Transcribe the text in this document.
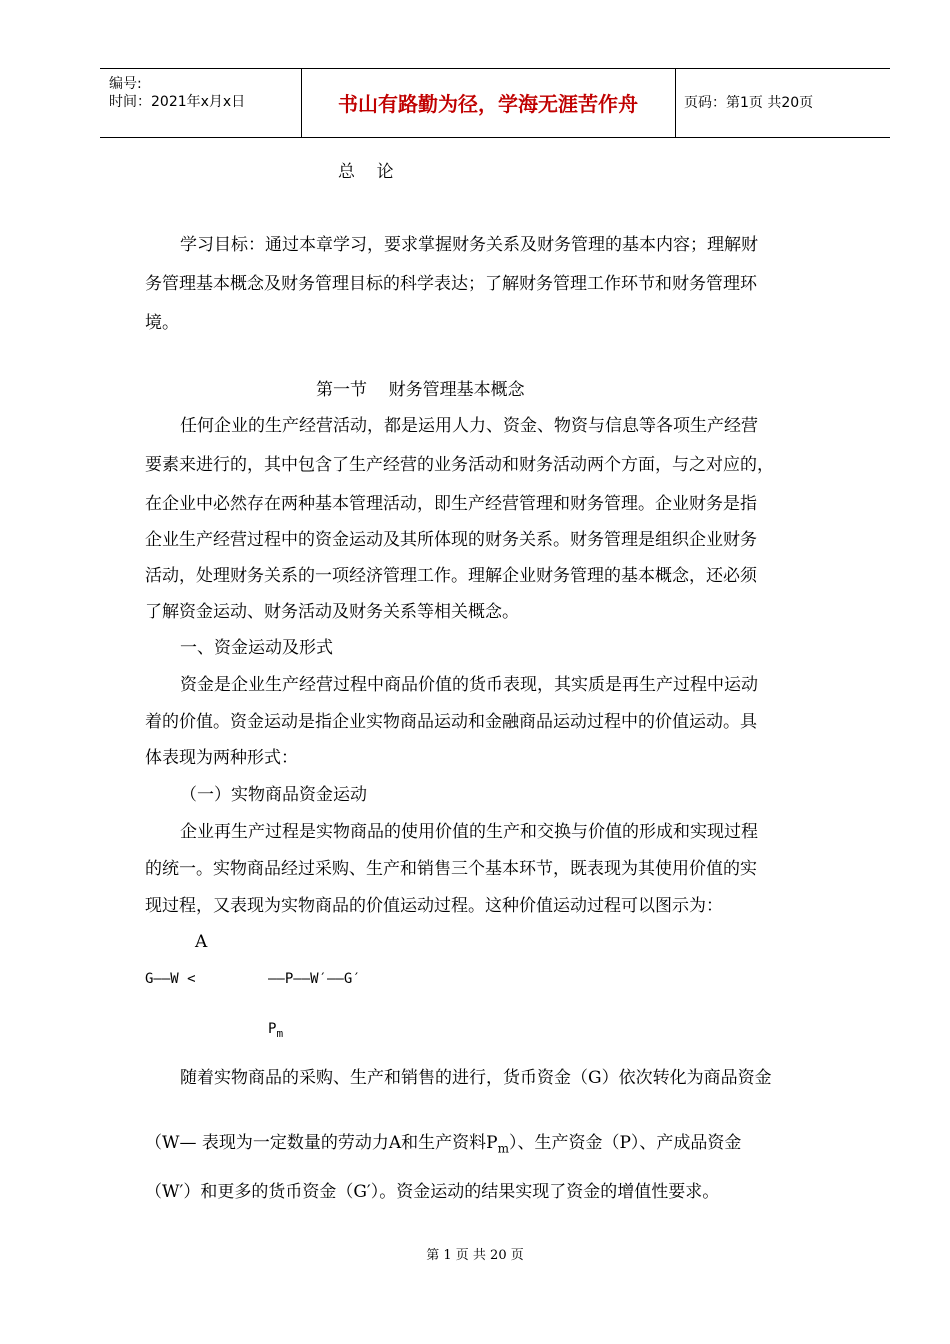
编号:
时间：2021年x月x日	书山有路勤为径，学海无涯苦作舟	页码：第1页 共20页
总    论
学习目标：通过本章学习，要求掌握财务关系及财务管理的基本内容；理解财
务管理基本概念及财务管理目标的科学表达；了解财务管理工作环节和财务管理环
境。
第一节    财务管理基本概念
任何企业的生产经营活动，都是运用人力、资金、物资与信息等各项生产经营
要素来进行的，其中包含了生产经营的业务活动和财务活动两个方面，与之对应的，
在企业中必然存在两种基本管理活动，即生产经营管理和财务管理。企业财务是指
企业生产经营过程中的资金运动及其所体现的财务关系。财务管理是组织企业财务
活动，处理财务关系的一项经济管理工作。理解企业财务管理的基本概念，还必须
了解资金运动、财务活动及财务关系等相关概念。
一、资金运动及形式
资金是企业生产经营过程中商品价值的货币表现，其实质是再生产过程中运动
着的价值。资金运动是指企业实物商品运动和金融商品运动过程中的价值运动。具
体表现为两种形式：
（一）实物商品资金运动
企业再生产过程是实物商品的使用价值的生产和交换与价值的形成和实现过程
的统一。实物商品经过采购、生产和销售三个基本环节，既表现为其使用价值的实
现过程，又表现为实物商品的价值运动过程。这种价值运动过程可以图示为：
A
G——W <	——P——W′——G′
$P_m$
随着实物商品的采购、生产和销售的进行，货币资金（G）依次转化为商品资金
（W— 表现为一定数量的劳动力A和生产资料$P_m$）、生产资金（P）、产成品资金
（W′）和更多的货币资金（G′）。资金运动的结果实现了资金的增值性要求。
第 1 页 共 20 页
